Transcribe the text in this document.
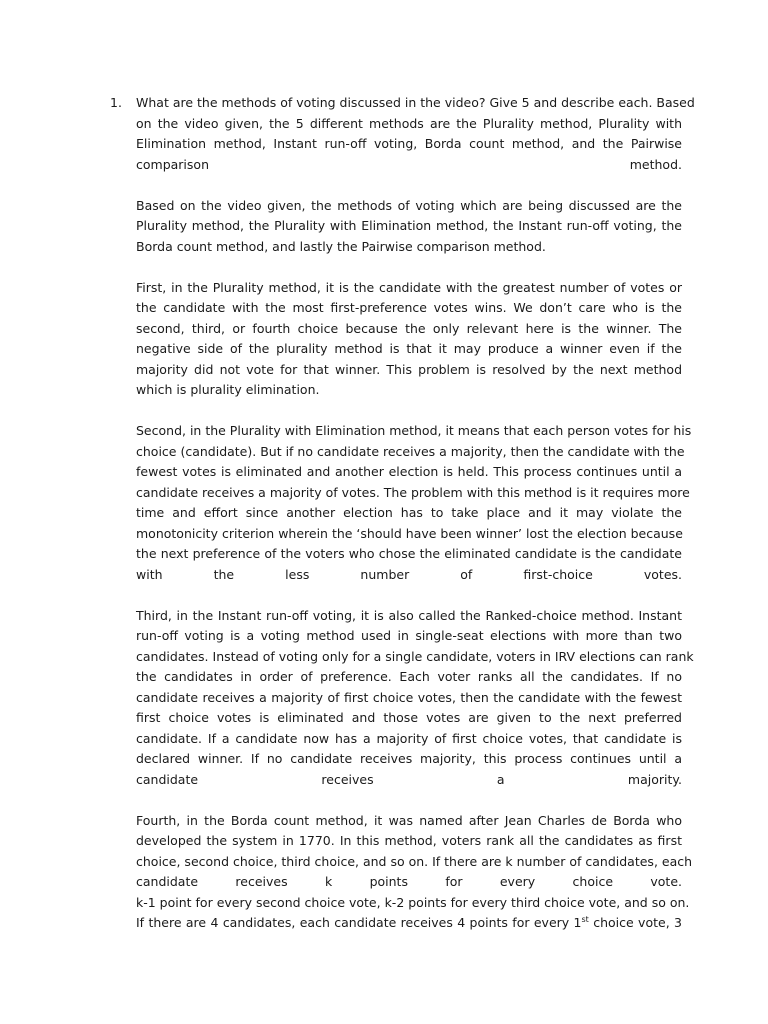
1. What are the methods of voting discussed in the video? Give 5 and describe each. Based
on the video given, the 5 different methods are the Plurality method, Plurality with
Elimination method, Instant run-off voting, Borda count method, and the Pairwise
comparison                                         method.

Based on the video given, the methods of voting which are being discussed are the
Plurality method, the Plurality with Elimination method, the Instant run-off voting, the
Borda count method, and lastly the Pairwise comparison method.

First, in the Plurality method, it is the candidate with the greatest number of votes or
the candidate with the most first-preference votes wins. We don’t care who is the
second, third, or fourth choice because the only relevant here is the winner. The
negative side of the plurality method is that it may produce a winner even if the
majority did not vote for that winner. This problem is resolved by the next method
which is plurality elimination.

Second, in the Plurality with Elimination method, it means that each person votes for his
choice (candidate). But if no candidate receives a majority, then the candidate with the
fewest votes is eliminated and another election is held. This process continues until a
candidate receives a majority of votes. The problem with this method is it requires more
time and effort since another election has to take place and it may violate the
monotonicity criterion wherein the ‘should have been winner’ lost the election because
the next preference of the voters who chose the eliminated candidate is the candidate
with the less number of first-choice votes.

Third, in the Instant run-off voting, it is also called the Ranked-choice method. Instant
run-off voting is a voting method used in single-seat elections with more than two
candidates. Instead of voting only for a single candidate, voters in IRV elections can rank
the candidates in order of preference. Each voter ranks all the candidates. If no
candidate receives a majority of first choice votes, then the candidate with the fewest
first choice votes is eliminated and those votes are given to the next preferred
candidate. If a candidate now has a majority of first choice votes, that candidate is
declared winner. If no candidate receives majority, this process continues until a
candidate receives a majority.

Fourth, in the Borda count method, it was named after Jean Charles de Borda who
developed the system in 1770. In this method, voters rank all the candidates as first
choice, second choice, third choice, and so on. If there are k number of candidates, each
candidate receives k points for every choice vote.
k-1 point for every second choice vote, k-2 points for every third choice vote, and so on.
If there are 4 candidates, each candidate receives 4 points for every 1st choice vote, 3
